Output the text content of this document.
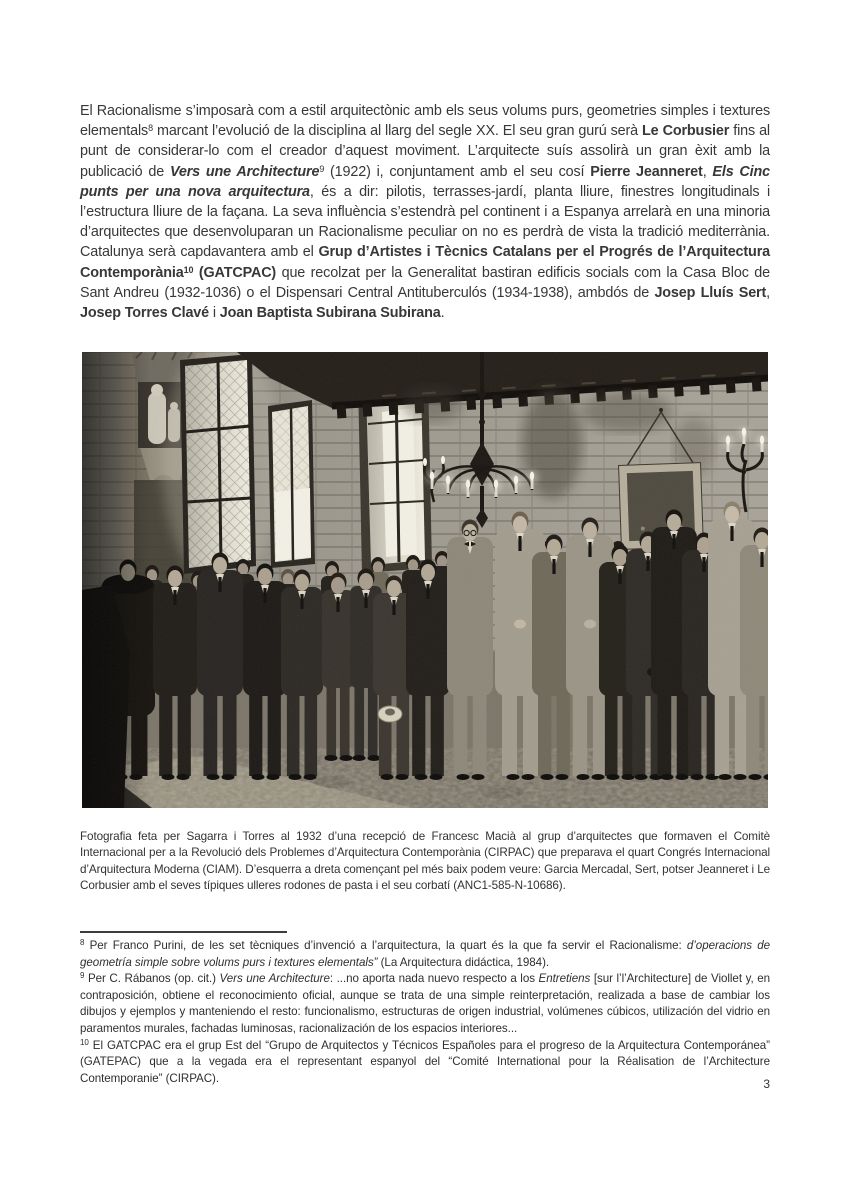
El Racionalisme s’imposarà com a estil arquitectònic amb els seus volums purs, geometries simples i textures elementals$^8$ marcant l’evolució de la disciplina al llarg del segle XX. El seu gran gurú serà Le Corbusier fins al punt de considerar-lo com el creador d’aquest moviment. L’arquitecte suís assolirà un gran èxit amb la publicació de Vers une Architecture$^9$ (1922) i, conjuntament amb el seu cosí Pierre Jeanneret, Els Cinc punts per una nova arquitectura, és a dir: pilotis, terrasses-jardí, planta lliure, finestres longitudinals i l’estructura lliure de la façana. La seva influència s’estendrà pel continent i a Espanya arrelarà en una minoria d’arquitectes que desenvoluparan un Racionalisme peculiar on no es perdrà de vista la tradició mediterrània. Catalunya serà capdavantera amb el Grup d’Artistes i Tècnics Catalans per el Progrés de l’Arquitectura Contemporània$^{10}$ (GATCPAC) que recolzat per la Generalitat bastiran edificis socials com la Casa Bloc de Sant Andreu (1932-1036) o el Dispensari Central Antituberculós (1934-1938), ambdós de Josep Lluís Sert, Josep Torres Clavé i Joan Baptista Subirana Subirana.

Fotografia feta per Sagarra i Torres al 1932 d’una recepció de Francesc Macià al grup d’arquitectes que formaven el Comitè Internacional per a la Revolució dels Problemes d’Arquitectura Contemporània (CIRPAC) que preparava el quart Congrés Internacional d’Arquitectura Moderna (CIAM). D’esquerra a dreta començant pel més baix podem veure: Garcia Mercadal, Sert, potser Jeanneret i Le Corbusier amb el seves típiques ulleres rodones de pasta i el seu corbatí (ANC1-585-N-10686).

$^8$ Per Franco Purini, de les set tècniques d’invenció a l’arquitectura, la quart és la que fa servir el Racionalisme: d’operacions de geometría simple sobre volums purs i textures elementals” (La Arquitectura didáctica, 1984).

$^9$ Per C. Rábanos (op. cit.) Vers une Architecture: ...no aporta nada nuevo respecto a los Entretiens [sur l’l’Architecture] de Viollet y, en contraposición, obtiene el reconocimiento oficial, aunque se trata de una simple reinterpretación, realizada a base de cambiar los dibujos y ejemplos y manteniendo el resto: funcionalismo, estructuras de origen industrial, volúmenes cúbicos, utilización del vidrio en paramentos murales, fachadas luminosas, racionalización de los espacios interiores...

$^{10}$ El GATCPAC era el grup Est del “Grupo de Arquitectos y Técnicos Españoles para el progreso de la Arquitectura Contemporánea” (GATEPAC) que a la vegada era el representant espanyol del “Comité International pour la Réalisation de l’Architecture Contemporanie” (CIRPAC).	3
